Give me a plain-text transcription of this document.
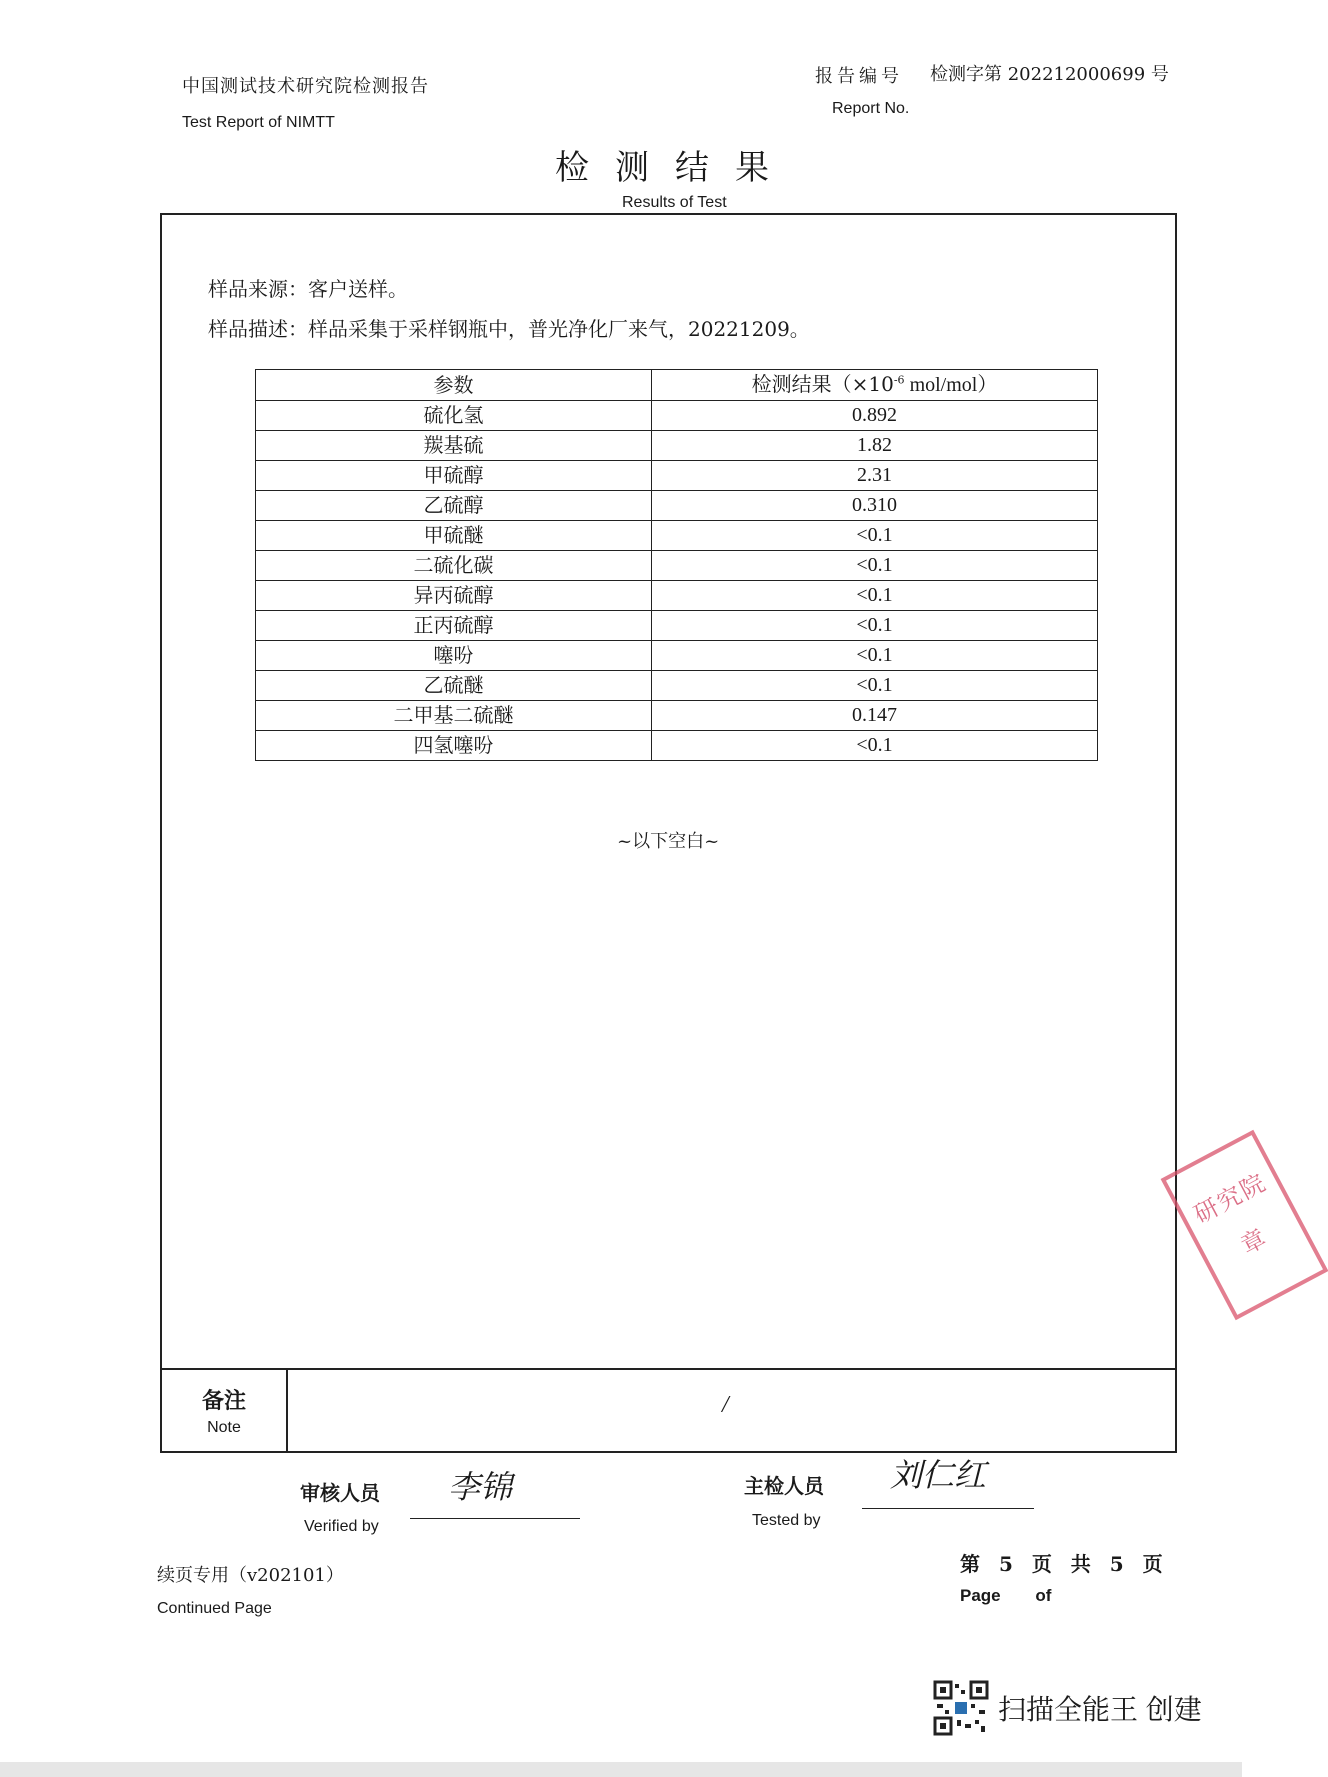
中国测试技术研究院检测报告
Test Report of NIMTT
报告编号 检测字第 202212000699 号
Report No.
检测结果
Results of Test
样品来源：客户送样。
样品描述：样品采集于采样钢瓶中，普光净化厂来气，20221209。
参数	检测结果（$\times 10^{-6}$ mol/mol）
硫化氢	0.892
羰基硫	1.82
甲硫醇	2.31
乙硫醇	0.310
甲硫醚	<0.1
二硫化碳	<0.1
异丙硫醇	<0.1
正丙硫醇	<0.1
噻吩	<0.1
乙硫醚	<0.1
二甲基二硫醚	0.147
四氢噻吩	<0.1
~以下空白~
研究院
章
备注
Note
/
审核人员
Verified by
李锦	主检人员
Tested by
刘仁红
续页专用（v202101）
Continued Page
第 5 页 共 5 页
Page of
扫描全能王 创建
